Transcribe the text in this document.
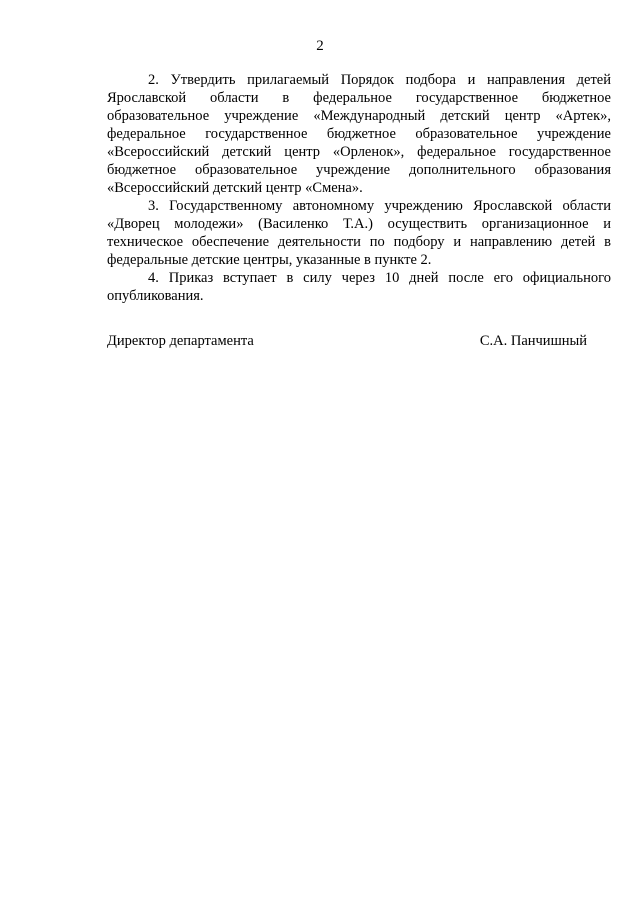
2

2. Утвердить прилагаемый Порядок подбора и направления детей Ярославской области в федеральное государственное бюджетное образовательное учреждение «Международный детский центр «Артек», федеральное государственное бюджетное образовательное учреждение «Всероссийский детский центр «Орленок», федеральное государственное бюджетное образовательное учреждение дополнительного образования «Всероссийский детский центр «Смена».

3. Государственному автономному учреждению Ярославской области «Дворец молодежи» (Василенко Т.А.) осуществить организационное и техническое обеспечение деятельности по подбору и направлению детей в федеральные детские центры, указанные в пункте 2.

4. Приказ вступает в силу через 10 дней после его официального опубликования.

Директор департамента	С.А. Панчишный
